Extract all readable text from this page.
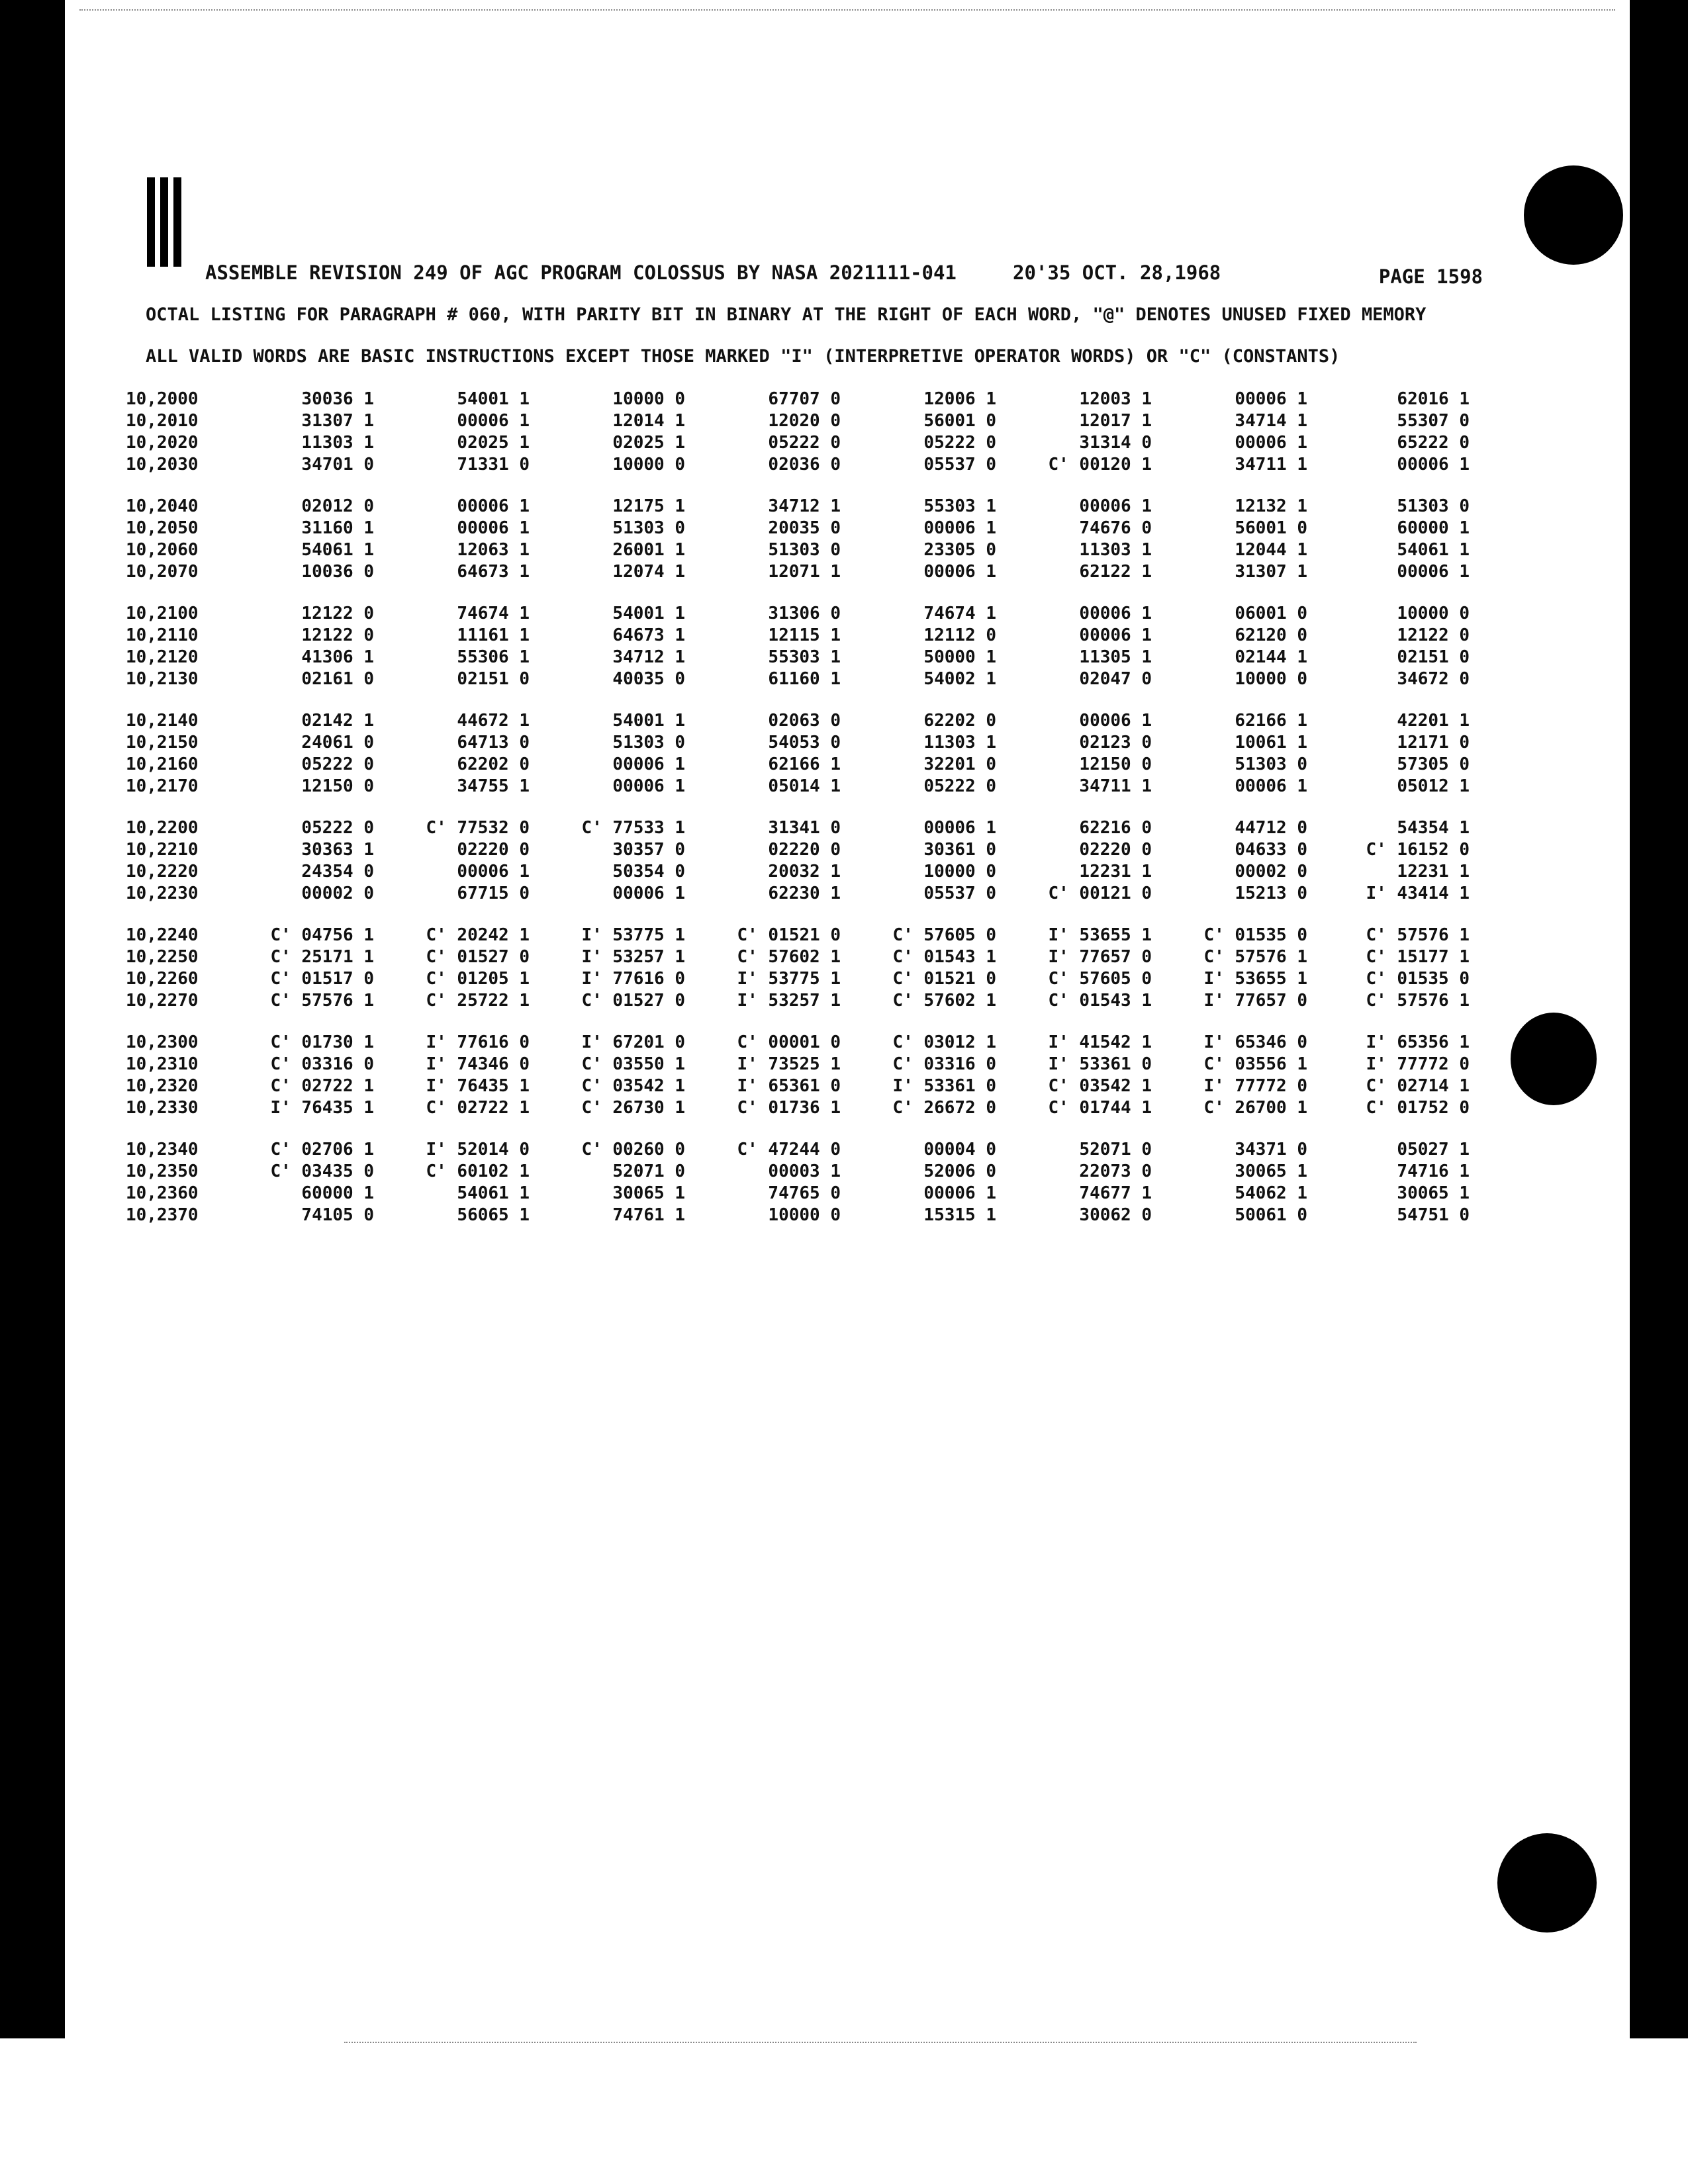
ASSEMBLE REVISION 249 OF AGC PROGRAM COLOSSUS BY NASA 2021111-041	20'35 OCT. 28,1968	PAGE 1598
OCTAL LISTING FOR PARAGRAPH # 060, WITH PARITY BIT IN BINARY AT THE RIGHT OF EACH WORD, "@" DENOTES UNUSED FIXED MEMORY
ALL VALID WORDS ARE BASIC INSTRUCTIONS EXCEPT THOSE MARKED "I" (INTERPRETIVE OPERATOR WORDS) OR "C" (CONSTANTS)
10,2000	30036 1	54001 1	10000 0	67707 0	12006 1	12003 1	00006 1	62016 1
10,2010	31307 1	00006 1	12014 1	12020 0	56001 0	12017 1	34714 1	55307 0
10,2020	11303 1	02025 1	02025 1	05222 0	05222 0	31314 0	00006 1	65222 0
10,2030	34701 0	71331 0	10000 0	02036 0	05537 0	C' 00120 1	34711 1	00006 1
10,2040	02012 0	00006 1	12175 1	34712 1	55303 1	00006 1	12132 1	51303 0
10,2050	31160 1	00006 1	51303 0	20035 0	00006 1	74676 0	56001 0	60000 1
10,2060	54061 1	12063 1	26001 1	51303 0	23305 0	11303 1	12044 1	54061 1
10,2070	10036 0	64673 1	12074 1	12071 1	00006 1	62122 1	31307 1	00006 1
10,2100	12122 0	74674 1	54001 1	31306 0	74674 1	00006 1	06001 0	10000 0
10,2110	12122 0	11161 1	64673 1	12115 1	12112 0	00006 1	62120 0	12122 0
10,2120	41306 1	55306 1	34712 1	55303 1	50000 1	11305 1	02144 1	02151 0
10,2130	02161 0	02151 0	40035 0	61160 1	54002 1	02047 0	10000 0	34672 0
10,2140	02142 1	44672 1	54001 1	02063 0	62202 0	00006 1	62166 1	42201 1
10,2150	24061 0	64713 0	51303 0	54053 0	11303 1	02123 0	10061 1	12171 0
10,2160	05222 0	62202 0	00006 1	62166 1	32201 0	12150 0	51303 0	57305 0
10,2170	12150 0	34755 1	00006 1	05014 1	05222 0	34711 1	00006 1	05012 1
10,2200	05222 0	C' 77532 0	C' 77533 1	31341 0	00006 1	62216 0	44712 0	54354 1
10,2210	30363 1	02220 0	30357 0	02220 0	30361 0	02220 0	04633 0	C' 16152 0
10,2220	24354 0	00006 1	50354 0	20032 1	10000 0	12231 1	00002 0	12231 1
10,2230	00002 0	67715 0	00006 1	62230 1	05537 0	C' 00121 0	15213 0	I' 43414 1
10,2240	C' 04756 1	C' 20242 1	I' 53775 1	C' 01521 0	C' 57605 0	I' 53655 1	C' 01535 0	C' 57576 1
10,2250	C' 25171 1	C' 01527 0	I' 53257 1	C' 57602 1	C' 01543 1	I' 77657 0	C' 57576 1	C' 15177 1
10,2260	C' 01517 0	C' 01205 1	I' 77616 0	I' 53775 1	C' 01521 0	C' 57605 0	I' 53655 1	C' 01535 0
10,2270	C' 57576 1	C' 25722 1	C' 01527 0	I' 53257 1	C' 57602 1	C' 01543 1	I' 77657 0	C' 57576 1
10,2300	C' 01730 1	I' 77616 0	I' 67201 0	C' 00001 0	C' 03012 1	I' 41542 1	I' 65346 0	I' 65356 1
10,2310	C' 03316 0	I' 74346 0	C' 03550 1	I' 73525 1	C' 03316 0	I' 53361 0	C' 03556 1	I' 77772 0
10,2320	C' 02722 1	I' 76435 1	C' 03542 1	I' 65361 0	I' 53361 0	C' 03542 1	I' 77772 0	C' 02714 1
10,2330	I' 76435 1	C' 02722 1	C' 26730 1	C' 01736 1	C' 26672 0	C' 01744 1	C' 26700 1	C' 01752 0
10,2340	C' 02706 1	I' 52014 0	C' 00260 0	C' 47244 0	00004 0	52071 0	34371 0	05027 1
10,2350	C' 03435 0	C' 60102 1	52071 0	00003 1	52006 0	22073 0	30065 1	74716 1
10,2360	60000 1	54061 1	30065 1	74765 0	00006 1	74677 1	54062 1	30065 1
10,2370	74105 0	56065 1	74761 1	10000 0	15315 1	30062 0	50061 0	54751 0
